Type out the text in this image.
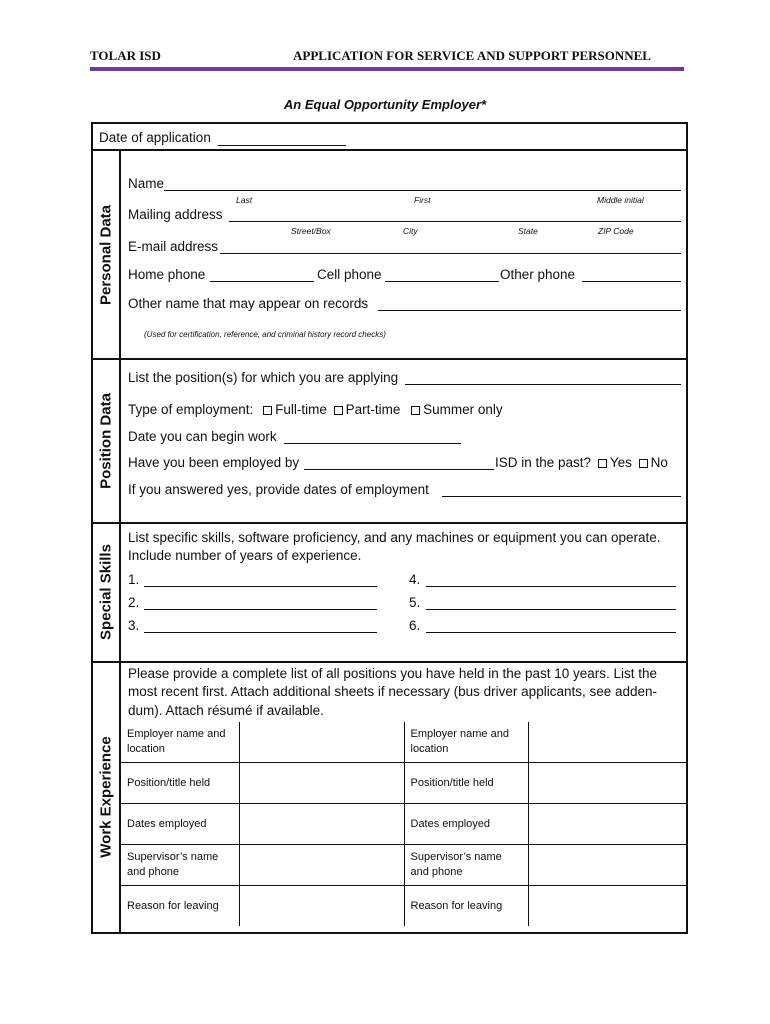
TOLAR ISD	APPLICATION FOR SERVICE AND SUPPORT PERSONNEL
An Equal Opportunity Employer*
Date of application
Personal Data
Position Data
Special Skills
Work Experience
Name
Last	First	Middle initial
Mailing address
Street/Box	City	State	ZIP Code
E-mail address
Home phone	Cell phone	Other phone
Other name that may appear on records
(Used for certification, reference, and criminal history record checks)
List the position(s) for which you are applying
Type of employment: Full-time Part-time Summer only
Date you can begin work
Have you been employed by	ISD in the past? Yes No
If you answered yes, provide dates of employment
List specific skills, software proficiency, and any machines or equipment you can operate.
Include number of years of experience.
1.
2.
3.
4.
5.
6.
Please provide a complete list of all positions you have held in the past 10 years. List the
most recent first. Attach additional sheets if necessary (bus driver applicants, see adden-
dum). Attach résumé if available.
Employer name and location		Employer name and location	
Position/title held		Position/title held	
Dates employed		Dates employed	
Supervisor’s name and phone		Supervisor’s name and phone	
Reason for leaving		Reason for leaving	
